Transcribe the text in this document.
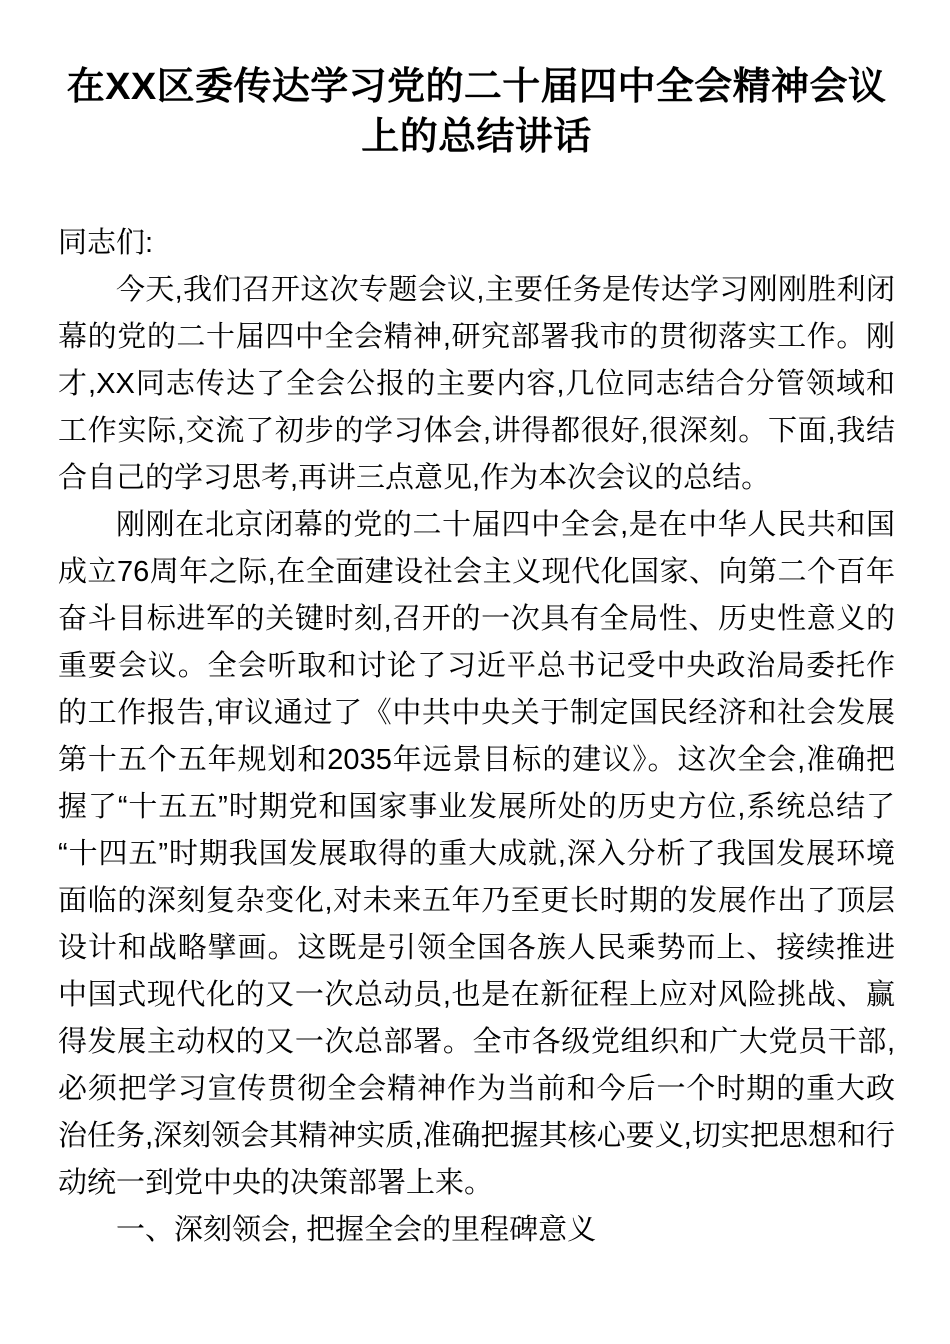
在XX区委传达学习党的二十届四中全会精神会议上的总结讲话

同志们:

今天,我们召开这次专题会议,主要任务是传达学习刚刚胜利闭幕的党的二十届四中全会精神,研究部署我市的贯彻落实工作。刚才,XX同志传达了全会公报的主要内容,几位同志结合分管领域和工作实际,交流了初步的学习体会,讲得都很好,很深刻。下面,我结合自己的学习思考,再讲三点意见,作为本次会议的总结。

刚刚在北京闭幕的党的二十届四中全会,是在中华人民共和国成立76周年之际,在全面建设社会主义现代化国家、向第二个百年奋斗目标进军的关键时刻,召开的一次具有全局性、历史性意义的重要会议。全会听取和讨论了习近平总书记受中央政治局委托作的工作报告,审议通过了《中共中央关于制定国民经济和社会发展第十五个五年规划和2035年远景目标的建议》。这次全会,准确把握了“十五五”时期党和国家事业发展所处的历史方位,系统总结了“十四五”时期我国发展取得的重大成就,深入分析了我国发展环境面临的深刻复杂变化,对未来五年乃至更长时期的发展作出了顶层设计和战略擘画。这既是引领全国各族人民乘势而上、接续推进中国式现代化的又一次总动员,也是在新征程上应对风险挑战、赢得发展主动权的又一次总部署。全市各级党组织和广大党员干部,必须把学习宣传贯彻全会精神作为当前和今后一个时期的重大政治任务,深刻领会其精神实质,准确把握其核心要义,切实把思想和行动统一到党中央的决策部署上来。

一、深刻领会, 把握全会的里程碑意义
